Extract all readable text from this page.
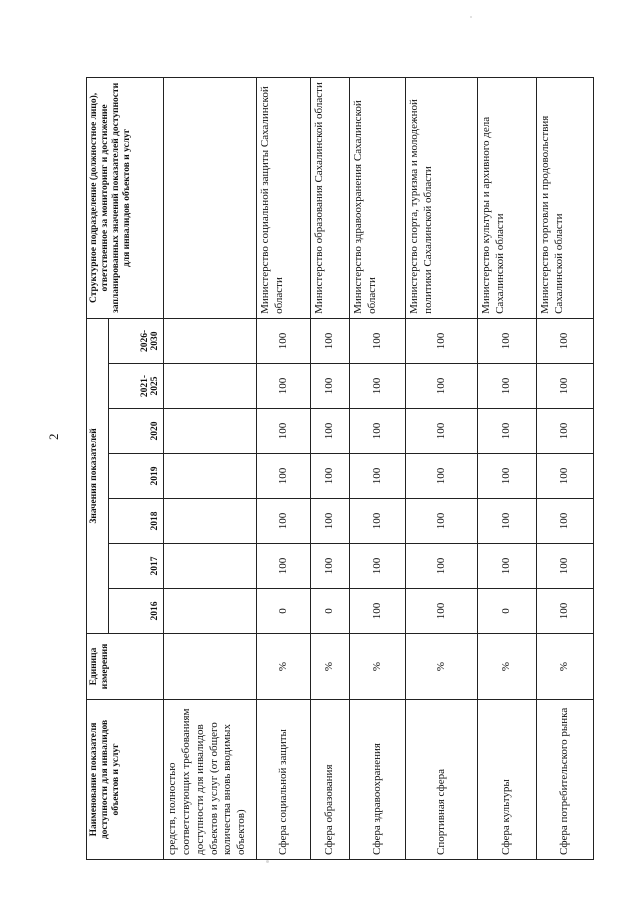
2
Наименование показателя доступности для инвалидов объектов и услуг	Единица измерения	Значения показателей							Структурное подразделение (должностное лицо), ответственное за мониторинг и достижение запланированных значений показателей доступности для инвалидов объектов и услуг
		2016	2017	2018	2019	2020	2021-2025	2026-2030	
средств, полностью соответствующих требованиям доступности для инвалидов объектов и услуг (от общего количества вновь вводимых объектов)									
Сфера социальной защиты	%	0	100	100	100	100	100	100	Министерство социальной защиты Сахалинской области
Сфера образования	%	0	100	100	100	100	100	100	Министерство образования Сахалинской области
Сфера здравоохранения	%	100	100	100	100	100	100	100	Министерство здравоохранения Сахалинской области
Спортивная сфера	%	100	100	100	100	100	100	100	Министерство спорта, туризма и молодежной политики Сахалинской области
Сфера культуры	%	0	100	100	100	100	100	100	Министерство культуры и архивного дела Сахалинской области
Сфера потребительского рынка	%	100	100	100	100	100	100	100	Министерство торговли и продовольствия Сахалинской области
